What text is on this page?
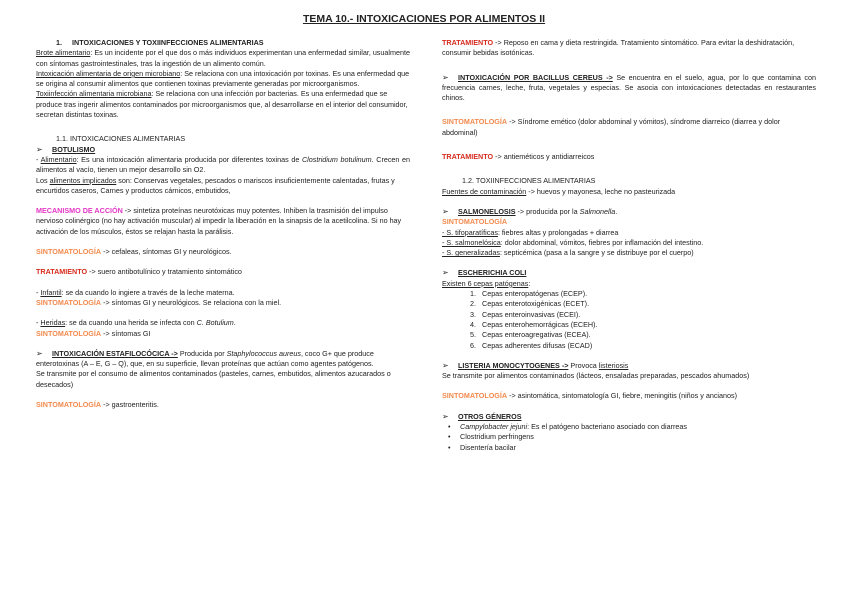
TEMA 10.- INTOXICACIONES POR ALIMENTOS II

1. INTOXICACIONES Y TOXIINFECCIONES ALIMENTARIAS

Brote alimentario: Es un incidente por el que dos o más individuos experimentan una enfermedad similar, usualmente con síntomas gastrointestinales, tras la ingestión de un alimento común.

Intoxicación alimentaria de origen microbiano: Se relaciona con una intoxicación por toxinas. Es una enfermedad que se origina al consumir alimentos que contienen toxinas previamente generadas por microorganismos.

Toxiinfección alimentaria microbiana: Se relaciona con una infección por bacterias. Es una enfermedad que se produce tras ingerir alimentos contaminados por microorganismos que, al desarrollarse en el interior del consumidor, secretan distintas toxinas.

1.1. INTOXICACIONES ALIMENTARIAS

➢ BOTULISMO

- Alimentario: Es una intoxicación alimentaria producida por diferentes toxinas de Clostridium botulinum. Crecen en alimentos al vacío, tienen un mejor desarrollo sin O2.

Los alimentos implicados son: Conservas vegetales, pescados o mariscos insuficientemente calentadas, frutas y encurtidos caseros, Carnes y productos cárnicos, embutidos,

MECANISMO DE ACCIÓN -> sintetiza proteínas neurotóxicas muy potentes. Inhiben la trasmisión del impulso nervioso colinérgico (no hay activación muscular) al impedir la liberación en la sinapsis de la acetilcolina. Si no hay activación de los músculos, éstos se relajan hasta la parálisis.

SINTOMATOLOGÍA -> cefaleas, síntomas GI y neurológicos.

TRATAMIENTO -> suero antibotulínico y tratamiento sintomático

- Infantil: se da cuando lo ingiere a través de la leche materna.

SINTOMATOLOGÍA -> síntomas GI y neurológicos. Se relaciona con la miel.

- Heridas: se da cuando una herida se infecta con C. Botulium.

SINTOMATOLOGÍA -> síntomas GI

➢ INTOXICACIÓN ESTAFILOCÓCICA -> Producida por Staphylococcus aureus, coco G+ que produce enterotoxinas (A – E, G – Q), que, en su superficie, llevan proteínas que actúan como agentes patógenos.

Se transmite por el consumo de alimentos contaminados (pasteles, carnes, embutidos, alimentos azucarados o desecados)

SINTOMATOLOGÍA -> gastroenteritis.

TRATAMIENTO -> Reposo en cama y dieta restringida. Tratamiento sintomático. Para evitar la deshidratación, consumir bebidas isotónicas.

➢ INTOXICACIÓN POR BACILLUS CEREUS -> Se encuentra en el suelo, agua, por lo que contamina con frecuencia carnes, leche, fruta, vegetales y especias. Se asocia con intoxicaciones detectadas en restaurantes chinos.

SINTOMATOLOGÍA -> Síndrome emético (dolor abdominal y vómitos), síndrome diarreico (diarrea y dolor abdominal)

TRATAMIENTO -> antieméticos y antidiarreicos

1.2. TOXIINFECCIONES ALIMENTARIAS

Fuentes de contaminación -> huevos y mayonesa, leche no pasteurizada

➢ SALMONELOSIS -> producida por la Salmonella.

SINTOMATOLOGÍA

- S. tifoparatíficas: fiebres altas y prolongadas + diarrea

- S. salmonelósica: dolor abdominal, vómitos, fiebres por inflamación del intestino.

- S. generalizadas: septicémica (pasa a la sangre y se distribuye por el cuerpo)

➢ ESCHERICHIA COLI

Existen 6 cepas patógenas:

1. Cepas enteropatógenas (ECEP).
2. Cepas enterotoxigénicas (ECET).
3. Cepas enteroinvasivas (ECEI).
4. Cepas enterohemorrágicas (ECEH).
5. Cepas enteroagregativas (ECEA).
6. Cepas adherentes difusas (ECAD)

➢ LISTERIA MONOCYTOGENES -> Provoca listeriosis

Se transmite por alimentos contaminados (lácteos, ensaladas preparadas, pescados ahumados)

SINTOMATOLOGÍA -> asintomática, sintomatología GI, fiebre, meningitis (niños y ancianos)

➢ OTROS GÉNEROS

• Campylobacter jejuni: Es el patógeno bacteriano asociado con diarreas
• Clostridium perfringens
• Disentería bacilar
